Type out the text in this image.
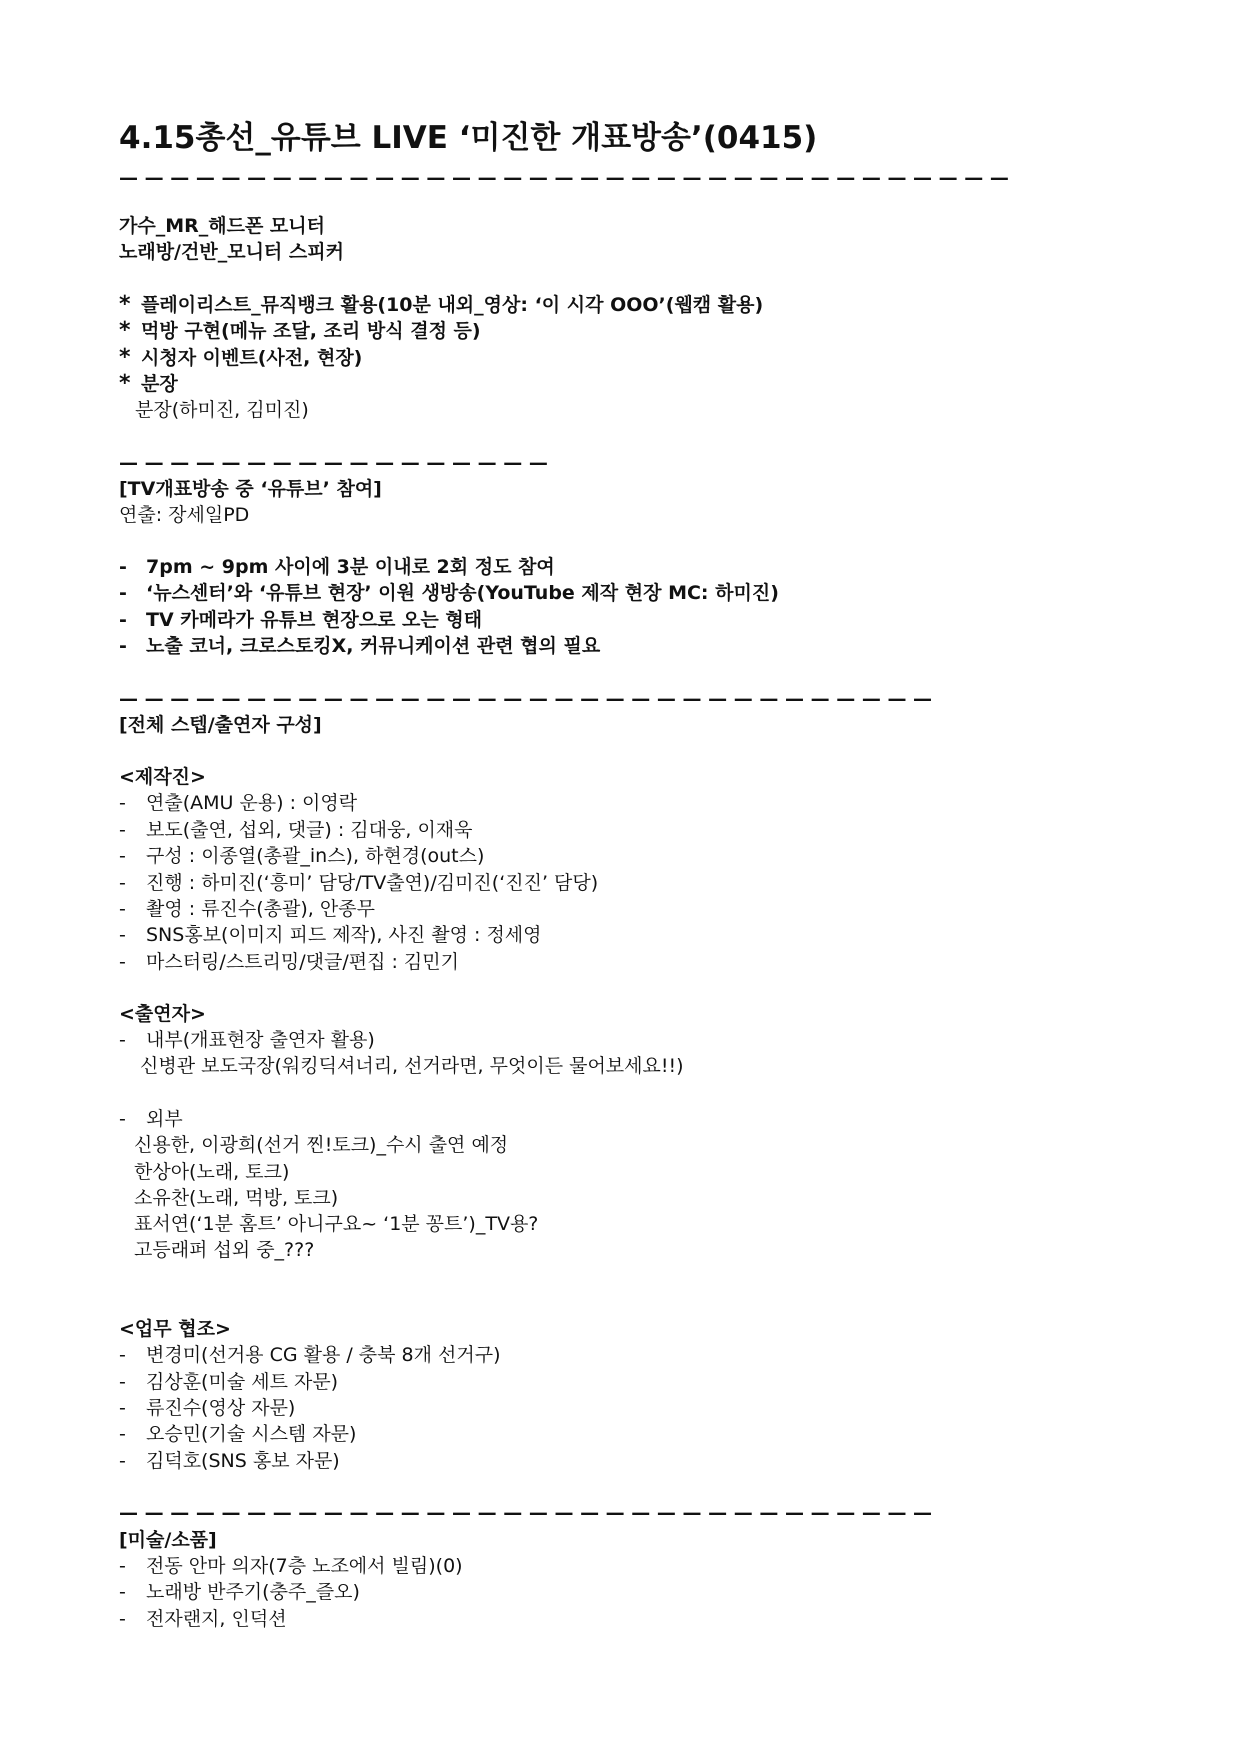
4.15총선_유튜브 LIVE ‘미진한 개표방송’(0415)
— — — — — — — — — — — — — — — — — — — — — — — — — — — — — — — — — — —
가수_MR_해드폰 모니터
노래방/건반_모니터 스피커
* 플레이리스트_뮤직뱅크 활용(10분 내외_영상: ‘이 시각 OOO’(웹캠 활용)
* 먹방 구현(메뉴 조달, 조리 방식 결정 등)
* 시청자 이벤트(사전, 현장)
* 분장
분장(하미진, 김미진)
— — — — — — — — — — — — — — — — —
[TV개표방송 중 ‘유튜브’ 참여]
연출: 장세일PD
- 7pm ~ 9pm 사이에 3분 이내로 2회 정도 참여
- ‘뉴스센터’와 ‘유튜브 현장’ 이원 생방송(YouTube 제작 현장 MC: 하미진)
- TV 카메라가 유튜브 현장으로 오는 형태
- 노출 코너, 크로스토킹X, 커뮤니케이션 관련 협의 필요
— — — — — — — — — — — — — — — — — — — — — — — — — — — — — — — —
[전체 스텝/출연자 구성]
<제작진>
- 연출(AMU 운용) : 이영락
- 보도(출연, 섭외, 댓글) : 김대웅, 이재욱
- 구성 : 이종열(총괄_in스), 하현경(out스)
- 진행 : 하미진(‘흥미’ 담당/TV출연)/김미진(‘진진’ 담당)
- 촬영 : 류진수(총괄), 안종무
- SNS홍보(이미지 피드 제작), 사진 촬영 : 정세영
- 마스터링/스트리밍/댓글/편집 : 김민기
<출연자>
- 내부(개표현장 출연자 활용)
신병관 보도국장(워킹딕셔너리, 선거라면, 무엇이든 물어보세요!!)
- 외부
신용한, 이광희(선거 찐!토크)_수시 출연 예정
한상아(노래, 토크)
소유찬(노래, 먹방, 토크)
표서연(‘1분 홈트’ 아니구요~ ‘1분 꽁트’)_TV용?
고등래퍼 섭외 중_???
<업무 협조>
- 변경미(선거용 CG 활용 / 충북 8개 선거구)
- 김상훈(미술 세트 자문)
- 류진수(영상 자문)
- 오승민(기술 시스템 자문)
- 김덕호(SNS 홍보 자문)
— — — — — — — — — — — — — — — — — — — — — — — — — — — — — — — —
[미술/소품]
- 전동 안마 의자(7층 노조에서 빌림)(0)
- 노래방 반주기(충주_즐오)
- 전자랜지, 인덕션
